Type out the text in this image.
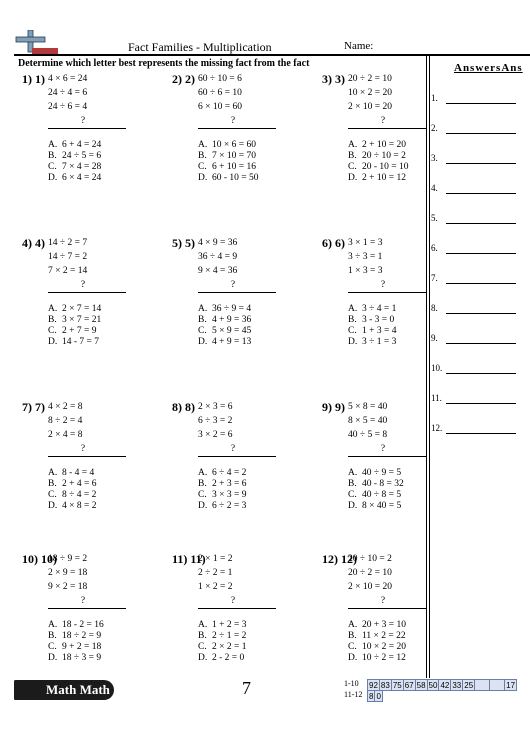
Fact Families - Multiplication	Name:
Determine which letter best represents the missing fact from the fact	AnswersAns
1.
2.
3.
4.
5.
6.
7.
8.
9.
10.
11.
12.
1) 1) 4 × 6 = 24
24 ÷ 4 = 6
24 ÷ 6 = 4
?
A. 6 + 4 = 24
B. 24 ÷ 5 = 6
C. 7 × 4 = 28
D. 6 × 4 = 24
2) 2) 60 ÷ 10 = 6
60 ÷ 6 = 10
6 × 10 = 60
?
A. 10 × 6 = 60
B. 7 × 10 = 70
C. 6 + 10 = 16
D. 60 - 10 = 50
3) 3) 20 ÷ 2 = 10
10 × 2 = 20
2 × 10 = 20
?
A. 2 + 10 = 20
B. 20 ÷ 10 = 2
C. 20 - 10 = 10
D. 2 + 10 = 12
4) 4) 14 ÷ 2 = 7
14 ÷ 7 = 2
7 × 2 = 14
?
A. 2 × 7 = 14
B. 3 × 7 = 21
C. 2 + 7 = 9
D. 14 - 7 = 7
5) 5) 4 × 9 = 36
36 ÷ 4 = 9
9 × 4 = 36
?
A. 36 ÷ 9 = 4
B. 4 + 9 = 36
C. 5 × 9 = 45
D. 4 + 9 = 13
6) 6) 3 × 1 = 3
3 ÷ 3 = 1
1 × 3 = 3
?
A. 3 ÷ 4 = 1
B. 3 - 3 = 0
C. 1 + 3 = 4
D. 3 ÷ 1 = 3
7) 7) 4 × 2 = 8
8 ÷ 2 = 4
2 × 4 = 8
?
A. 8 - 4 = 4
B. 2 + 4 = 6
C. 8 ÷ 4 = 2
D. 4 × 8 = 2
8) 8) 2 × 3 = 6
6 ÷ 3 = 2
3 × 2 = 6
?
A. 6 ÷ 4 = 2
B. 2 + 3 = 6
C. 3 × 3 = 9
D. 6 ÷ 2 = 3
9) 9) 5 × 8 = 40
8 × 5 = 40
40 ÷ 5 = 8
?
A. 40 ÷ 9 = 5
B. 40 - 8 = 32
C. 40 ÷ 8 = 5
D. 8 × 40 = 5
10) 10)
18 ÷ 9 = 2
2 × 9 = 18
9 × 2 = 18
?
A. 18 - 2 = 16
B. 18 ÷ 2 = 9
C. 9 + 2 = 18
D. 18 ÷ 3 = 9
11) 11)
2 × 1 = 2
2 ÷ 2 = 1
1 × 2 = 2
?
A. 1 + 2 = 3
B. 2 ÷ 1 = 2
C. 2 × 2 = 1
D. 2 - 2 = 0
12) 12)
20 ÷ 10 = 2
20 ÷ 2 = 10
2 × 10 = 20
?
A. 20 + 3 = 10
B. 11 × 2 = 22
C. 10 × 2 = 20
D. 10 ÷ 2 = 12
Math Math	7	1-10 92	83	75	67	58	50	42	33	25			17
11-12 8	0
